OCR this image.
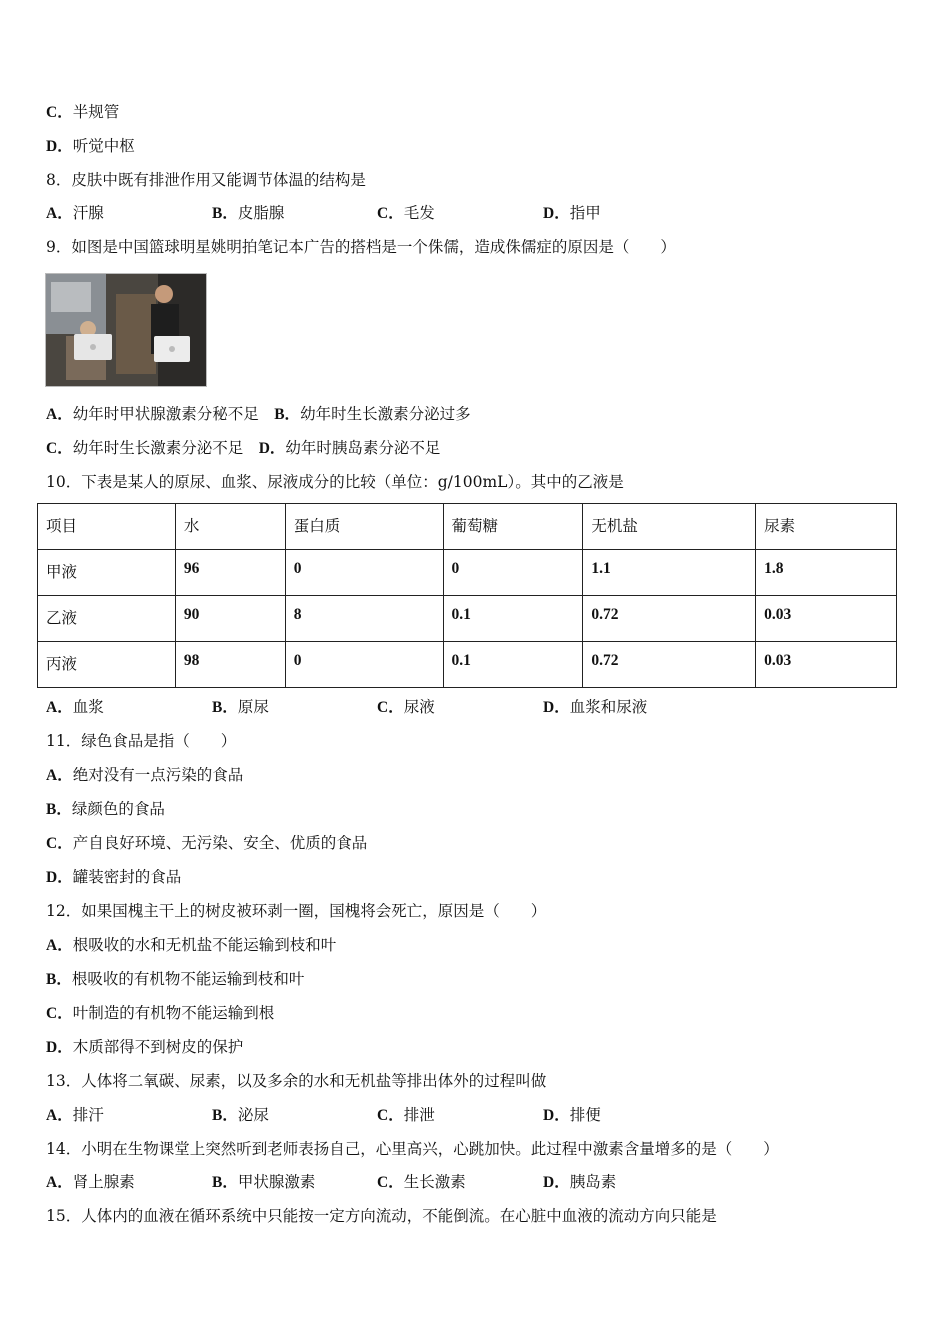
C．半规管
D．听觉中枢
8．皮肤中既有排泄作用又能调节体温的结构是
A．汗腺	B．皮脂腺	C．毛发	D．指甲
9．如图是中国篮球明星姚明拍笔记本广告的搭档是一个侏儒，造成侏儒症的原因是（　　）
A．幼年时甲状腺激素分秘不足　B．幼年时生长激素分泌过多
C．幼年时生长激素分泌不足　D．幼年时胰岛素分泌不足
10．下表是某人的原尿、血浆、尿液成分的比较（单位：g/100mL）。其中的乙液是
项目	水	蛋白质	葡萄糖	无机盐	尿素
甲液	96	0	0	1.1	1.8
乙液	90	8	0.1	0.72	0.03
丙液	98	0	0.1	0.72	0.03
A．血浆	B．原尿	C．尿液	D．血浆和尿液
11．绿色食品是指（　　）
A．绝对没有一点污染的食品
B．绿颜色的食品
C．产自良好环境、无污染、安全、优质的食品
D．罐装密封的食品
12．如果国槐主干上的树皮被环剥一圈，国槐将会死亡，原因是（　　）
A．根吸收的水和无机盐不能运输到枝和叶
B．根吸收的有机物不能运输到枝和叶
C．叶制造的有机物不能运输到根
D．木质部得不到树皮的保护
13．人体将二氧碳、尿素，以及多余的水和无机盐等排出体外的过程叫做
A．排汗	B．泌尿	C．排泄	D．排便
14．小明在生物课堂上突然听到老师表扬自己，心里高兴，心跳加快。此过程中激素含量增多的是（　　）
A．肾上腺素	B．甲状腺激素	C．生长激素	D．胰岛素
15．人体内的血液在循环系统中只能按一定方向流动，不能倒流。在心脏中血液的流动方向只能是
